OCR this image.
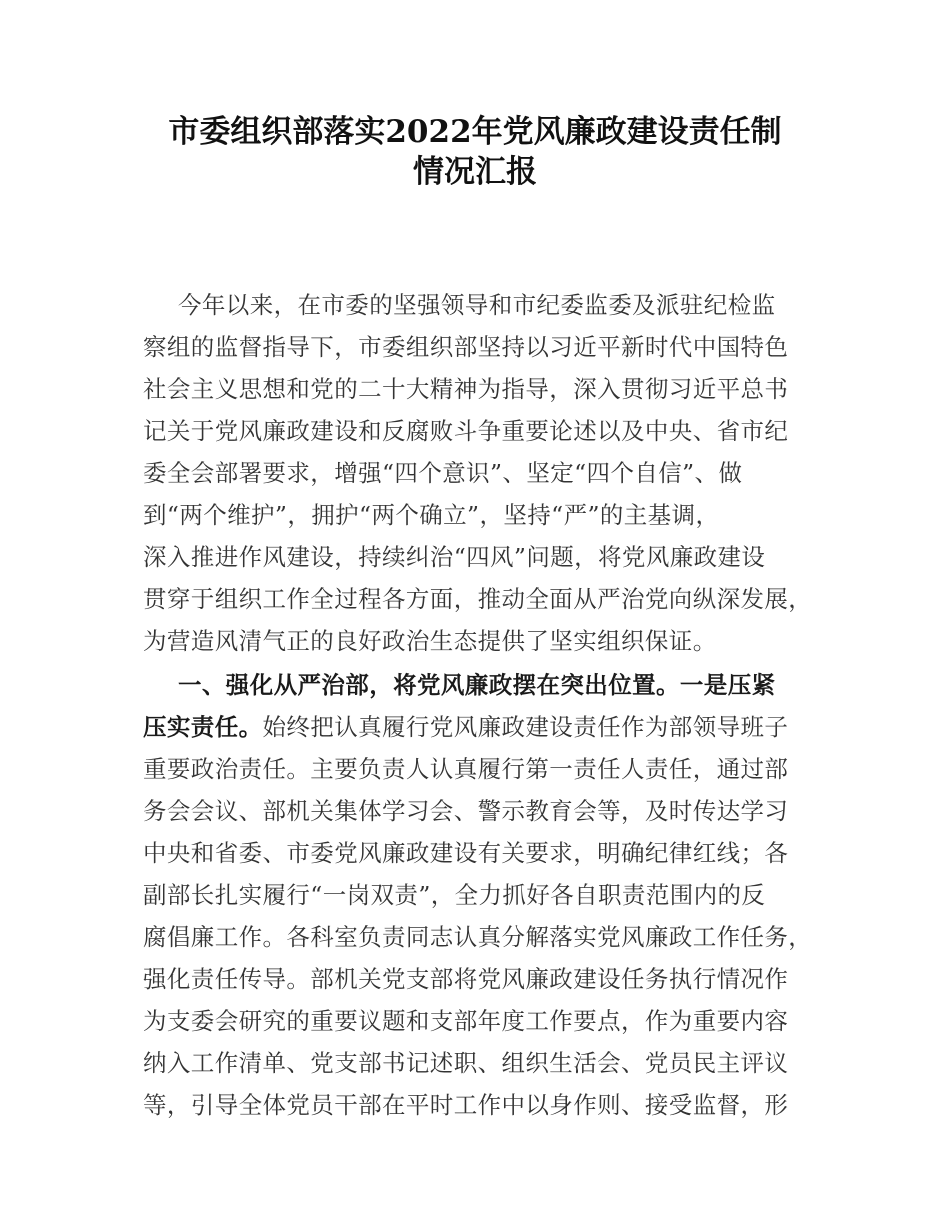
市委组织部落实2022年党风廉政建设责任制
情况汇报
今年以来，在市委的坚强领导和市纪委监委及派驻纪检监
察组的监督指导下，市委组织部坚持以习近平新时代中国特色
社会主义思想和党的二十大精神为指导，深入贯彻习近平总书
记关于党风廉政建设和反腐败斗争重要论述以及中央、省市纪
委全会部署要求，增强“四个意识”、坚定“四个自信”、做
到“两个维护”，拥护“两个确立”，坚持“严”的主基调，
深入推进作风建设，持续纠治“四风”问题，将党风廉政建设
贯穿于组织工作全过程各方面，推动全面从严治党向纵深发展，
为营造风清气正的良好政治生态提供了坚实组织保证。
一、强化从严治部，将党风廉政摆在突出位置。一是压紧
压实责任。始终把认真履行党风廉政建设责任作为部领导班子
重要政治责任。主要负责人认真履行第一责任人责任，通过部
务会会议、部机关集体学习会、警示教育会等，及时传达学习
中央和省委、市委党风廉政建设有关要求，明确纪律红线；各
副部长扎实履行“一岗双责”，全力抓好各自职责范围内的反
腐倡廉工作。各科室负责同志认真分解落实党风廉政工作任务，
强化责任传导。部机关党支部将党风廉政建设任务执行情况作
为支委会研究的重要议题和支部年度工作要点，作为重要内容
纳入工作清单、党支部书记述职、组织生活会、党员民主评议
等，引导全体党员干部在平时工作中以身作则、接受监督，形
